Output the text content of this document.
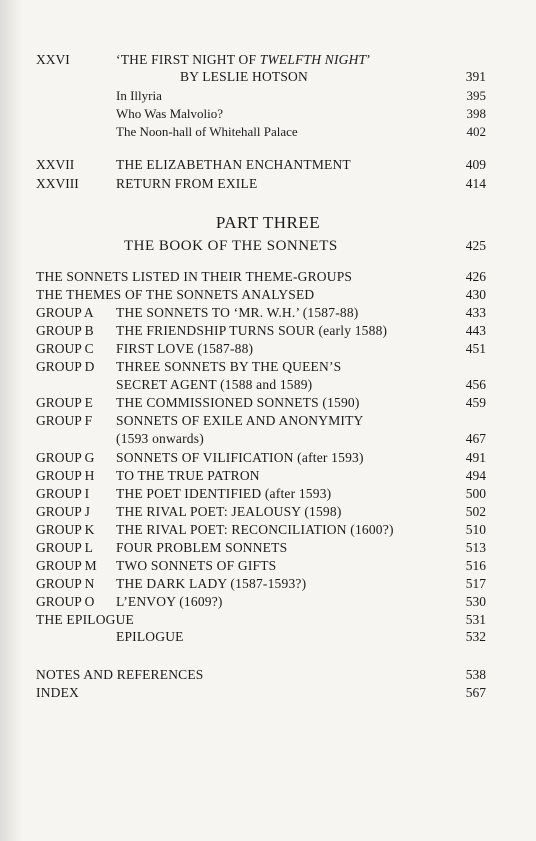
XXVI	‘THE FIRST NIGHT OF TWELFTH NIGHT’
BY LESLIE HOTSON	391
In Illyria	395
Who Was Malvolio?	398
The Noon-hall of Whitehall Palace	402
XXVII	THE ELIZABETHAN ENCHANTMENT	409
XXVIII	RETURN FROM EXILE	414
PART THREE
THE BOOK OF THE SONNETS	425
THE SONNETS LISTED IN THEIR THEME-GROUPS	426
THE THEMES OF THE SONNETS ANALYSED	430
GROUP A THE SONNETS TO ‘MR. W.H.’ (1587-88)	433
GROUP B THE FRIENDSHIP TURNS SOUR (early 1588)	443
GROUP C FIRST LOVE (1587-88)	451
GROUP D THREE SONNETS BY THE QUEEN’S
SECRET AGENT (1588 and 1589)	456
GROUP E THE COMMISSIONED SONNETS (1590)	459
GROUP F SONNETS OF EXILE AND ANONYMITY
(1593 onwards)	467
GROUP G SONNETS OF VILIFICATION (after 1593)	491
GROUP H TO THE TRUE PATRON	494
GROUP I THE POET IDENTIFIED (after 1593)	500
GROUP J THE RIVAL POET: JEALOUSY (1598)	502
GROUP K THE RIVAL POET: RECONCILIATION (1600?)	510
GROUP L FOUR PROBLEM SONNETS	513
GROUP M TWO SONNETS OF GIFTS	516
GROUP N THE DARK LADY (1587-1593?)	517
GROUP O L’ENVOY (1609?)	530
THE EPILOGUE	531
EPILOGUE	532
NOTES AND REFERENCES	538
INDEX	567
